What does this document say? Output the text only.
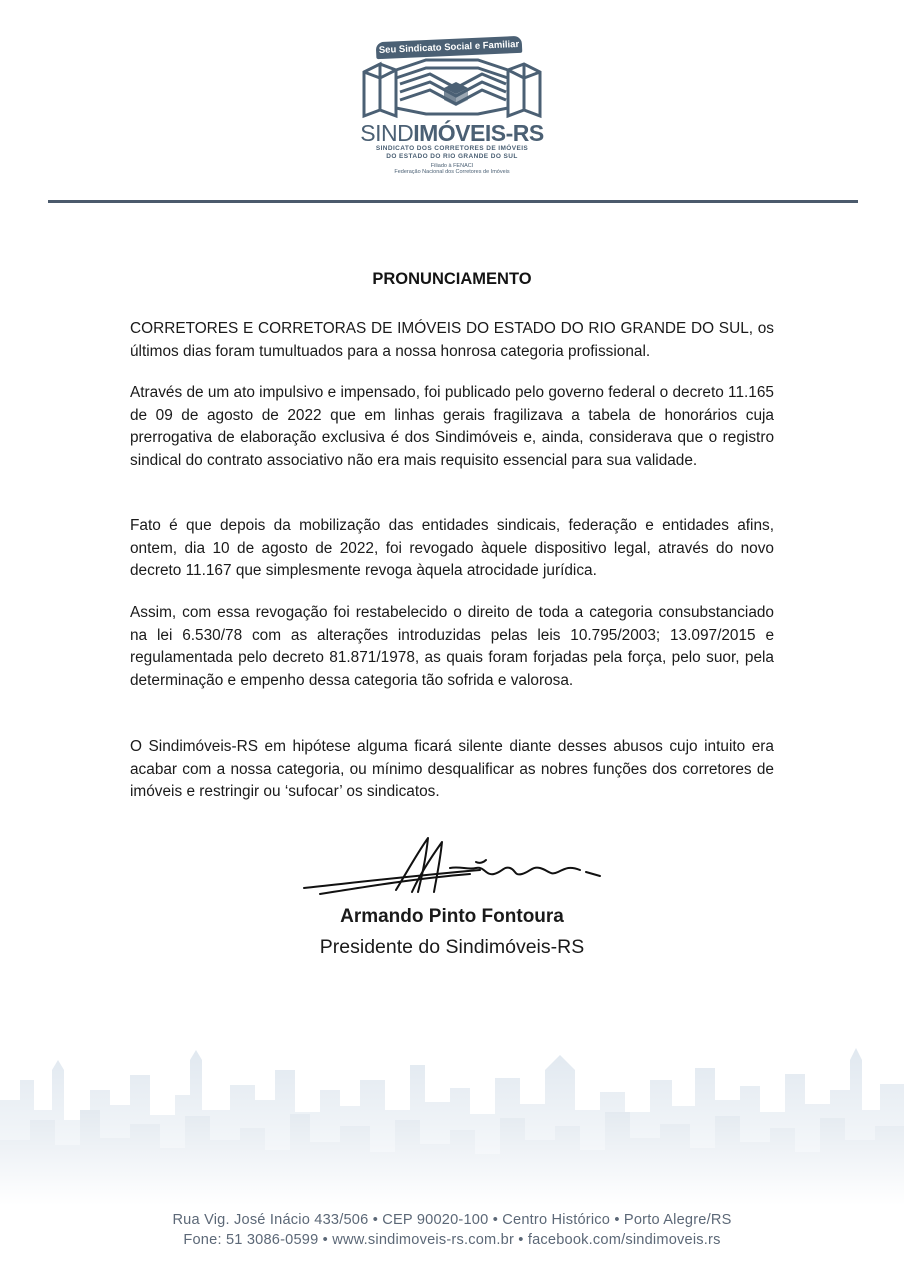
Seu Sindicato Social e Familiar
SINDIMÓVEIS-RS
SINDICATO DOS CORRETORES DE IMÓVEIS
DO ESTADO DO RIO GRANDE DO SUL
Filiado à FENACI
Federação Nacional dos Corretores de Imóveis
PRONUNCIAMENTO

CORRETORES E CORRETORAS DE IMÓVEIS DO ESTADO DO RIO GRANDE DO SUL, os últimos dias foram tumultuados para a nossa honrosa categoria profissional.

Através de um ato impulsivo e impensado, foi publicado pelo governo federal o decreto 11.165 de 09 de agosto de 2022 que em linhas gerais fragilizava a tabela de honorários cuja prerrogativa de elaboração exclusiva é dos Sindimóveis e, ainda, considerava que o registro sindical do contrato associativo não era mais requisito essencial para sua validade.

Fato é que depois da mobilização das entidades sindicais, federação e entidades afins, ontem, dia 10 de agosto de 2022, foi revogado àquele dispositivo legal, através do novo decreto 11.167 que simplesmente revoga àquela atrocidade jurídica.

Assim, com essa revogação foi restabelecido o direito de toda a categoria consubstanciado na lei 6.530/78 com as alterações introduzidas pelas leis 10.795/2003; 13.097/2015 e regulamentada pelo decreto 81.871/1978, as quais foram forjadas pela força, pelo suor, pela determinação e empenho dessa categoria tão sofrida e valorosa.

O Sindimóveis-RS em hipótese alguma ficará silente diante desses abusos cujo intuito era acabar com a nossa categoria, ou mínimo desqualificar as nobres funções dos corretores de imóveis e restringir ou ‘sufocar’ os sindicatos.

Armando Pinto Fontoura
Presidente do Sindimóveis-RS
Rua Vig. José Inácio 433/506 • CEP 90020-100 • Centro Histórico • Porto Alegre/RS
Fone: 51 3086-0599 • www.sindimoveis-rs.com.br • facebook.com/sindimoveis.rs
